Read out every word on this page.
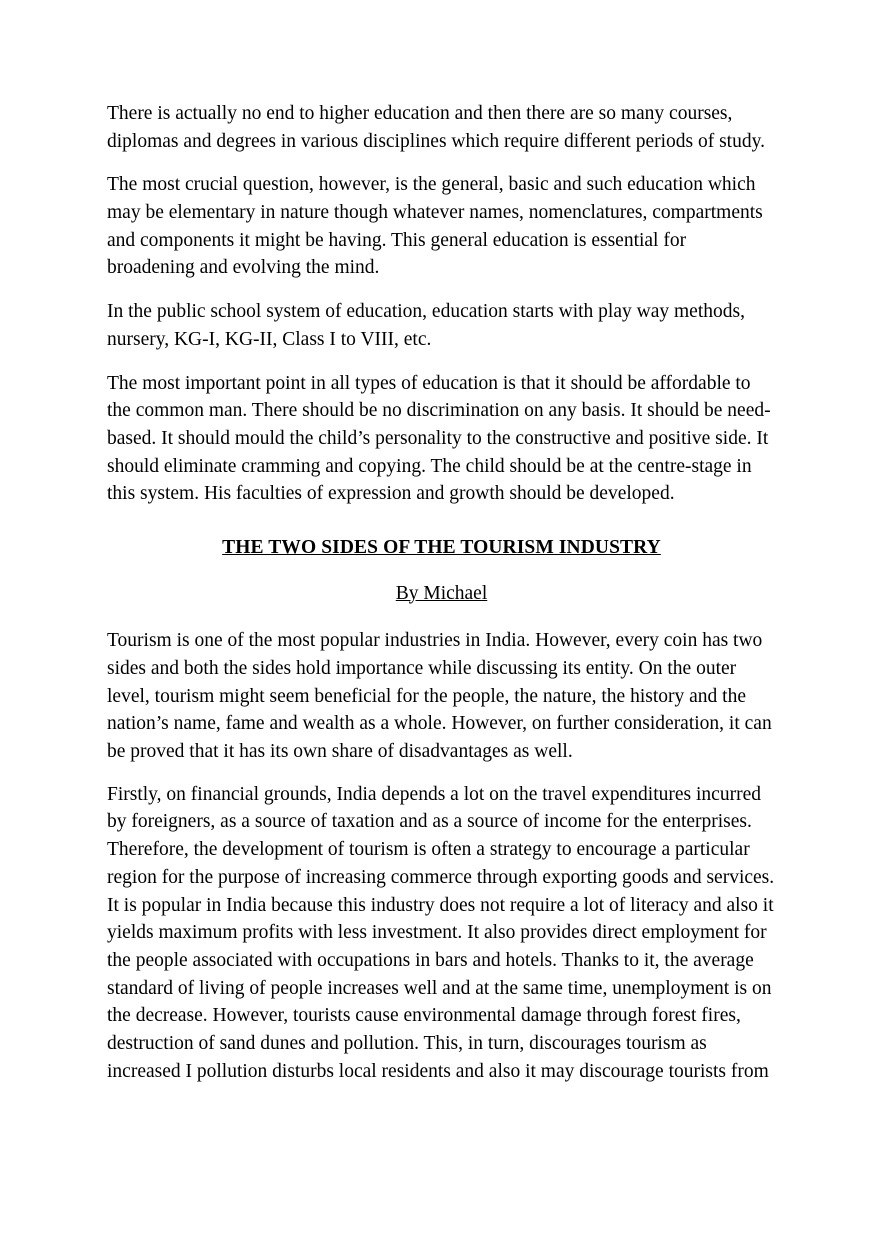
There is actually no end to higher education and then there are so many courses, diplomas and degrees in various disciplines which require different periods of study.

The most crucial question, however, is the general, basic and such education which may be elementary in nature though whatever names, nomenclatures, compartments and components it might be having. This general education is essential for broadening and evolving the mind.

In the public school system of education, education starts with play way methods, nursery, KG-I, KG-II, Class I to VIII, etc.

The most important point in all types of education is that it should be affordable to the common man. There should be no discrimination on any basis. It should be need-based. It should mould the child’s personality to the constructive and positive side. It should eliminate cramming and copying. The child should be at the centre-stage in this system. His faculties of expression and growth should be developed.

THE TWO SIDES OF THE TOURISM INDUSTRY

By Michael

Tourism is one of the most popular industries in India. However, every coin has two sides and both the sides hold importance while discussing its entity. On the outer level, tourism might seem beneficial for the people, the nature, the history and the nation’s name, fame and wealth as a whole. However, on further consideration, it can be proved that it has its own share of disadvantages as well.

Firstly, on financial grounds, India depends a lot on the travel expenditures incurred by foreigners, as a source of taxation and as a source of income for the enterprises. Therefore, the development of tourism is often a strategy to encourage a particular region for the purpose of increasing commerce through exporting goods and services. It is popular in India because this industry does not require a lot of literacy and also it yields maximum profits with less investment. It also provides direct employment for the people associated with occupations in bars and hotels. Thanks to it, the average standard of living of people increases well and at the same time, unemployment is on the decrease. However, tourists cause environmental damage through forest fires, destruction of sand dunes and pollution. This, in turn, discourages tourism as increased I pollution disturbs local residents and also it may discourage tourists from
